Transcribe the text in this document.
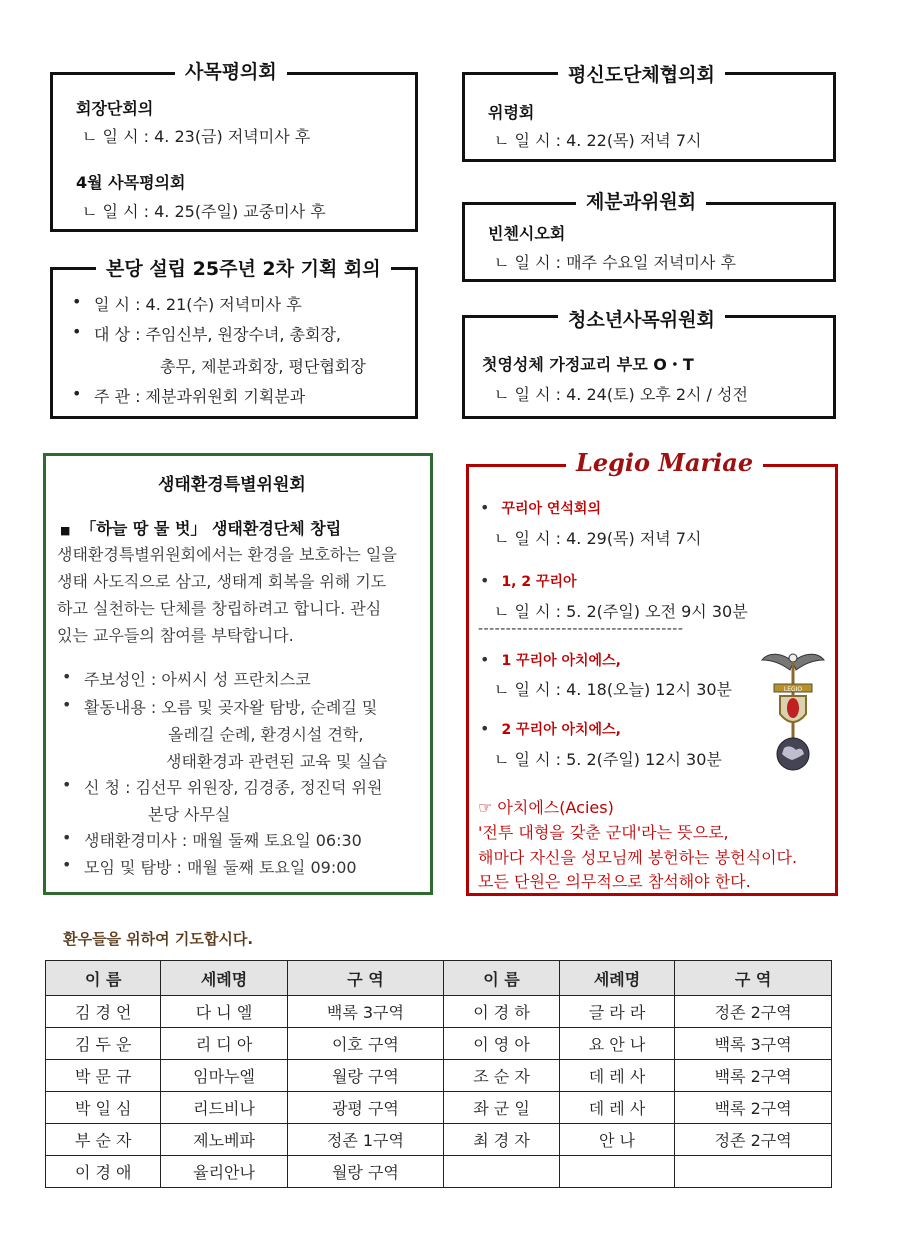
사목평의회
회장단회의
ㄴ 일 시 : 4. 23(금) 저녁미사 후
4월 사목평의회
ㄴ 일 시 : 4. 25(주일) 교중미사 후
평신도단체협의회
위령회
ㄴ 일 시 : 4. 22(목) 저녁 7시
본당 설립 25주년 2차 기획 회의
• 일 시 : 4. 21(수) 저녁미사 후
• 대 상 : 주임신부, 원장수녀, 총회장,
총무, 제분과회장, 평단협회장
• 주 관 : 제분과위원회 기획분과
제분과위원회
빈첸시오회
ㄴ 일 시 : 매주 수요일 저녁미사 후
청소년사목위원회
첫영성체 가정교리 부모 O・T
ㄴ 일 시 : 4. 24(토) 오후 2시 / 성전
생태환경특별위원회
■ 「하늘 땅 물 벗」 생태환경단체 창립
생태환경특별위원회에서는 환경을 보호하는 일을
생태 사도직으로 삼고, 생태계 회복을 위해 기도
하고 실천하는 단체를 창립하려고 합니다. 관심
있는 교우들의 참여를 부탁합니다.
• 주보성인 : 아씨시 성 프란치스코
• 활동내용 : 오름 및 곶자왈 탐방, 순례길 및
올레길 순례, 환경시설 견학,
생태환경과 관련된 교육 및 실습
• 신 청 : 김선무 위원장, 김경종, 정진덕 위원
본당 사무실
• 생태환경미사 : 매월 둘째 토요일 06:30
• 모임 및 탐방 : 매월 둘째 토요일 09:00
Legio Mariae
• 꾸리아 연석회의
ㄴ 일 시 : 4. 29(목) 저녁 7시
• 1, 2 꾸리아
ㄴ 일 시 : 5. 2(주일) 오전 9시 30분
-------------------------------------
• 1 꾸리아 아치에스,
ㄴ 일 시 : 4. 18(오늘) 12시 30분
• 2 꾸리아 아치에스,
ㄴ 일 시 : 5. 2(주일) 12시 30분
LEGIO
☞ 아치에스(Acies)
'전투 대형을 갖춘 군대'라는 뜻으로,
해마다 자신을 성모님께 봉헌하는 봉헌식이다.
모든 단원은 의무적으로 참석해야 한다.
환우들을 위하여 기도합시다.
이 름	세례명	구 역	이 름	세례명	구 역
김 경 언	다 니 엘	백록 3구역	이 경 하	글 라 라	정존 2구역
김 두 운	리 디 아	이호 구역	이 영 아	요 안 나	백록 3구역
박 문 규	임마누엘	월랑 구역	조 순 자	데 레 사	백록 2구역
박 일 심	리드비나	광평 구역	좌 군 일	데 레 사	백록 2구역
부 순 자	제노베파	정존 1구역	최 경 자	안 나	정존 2구역
이 경 애	율리안나	월랑 구역			
